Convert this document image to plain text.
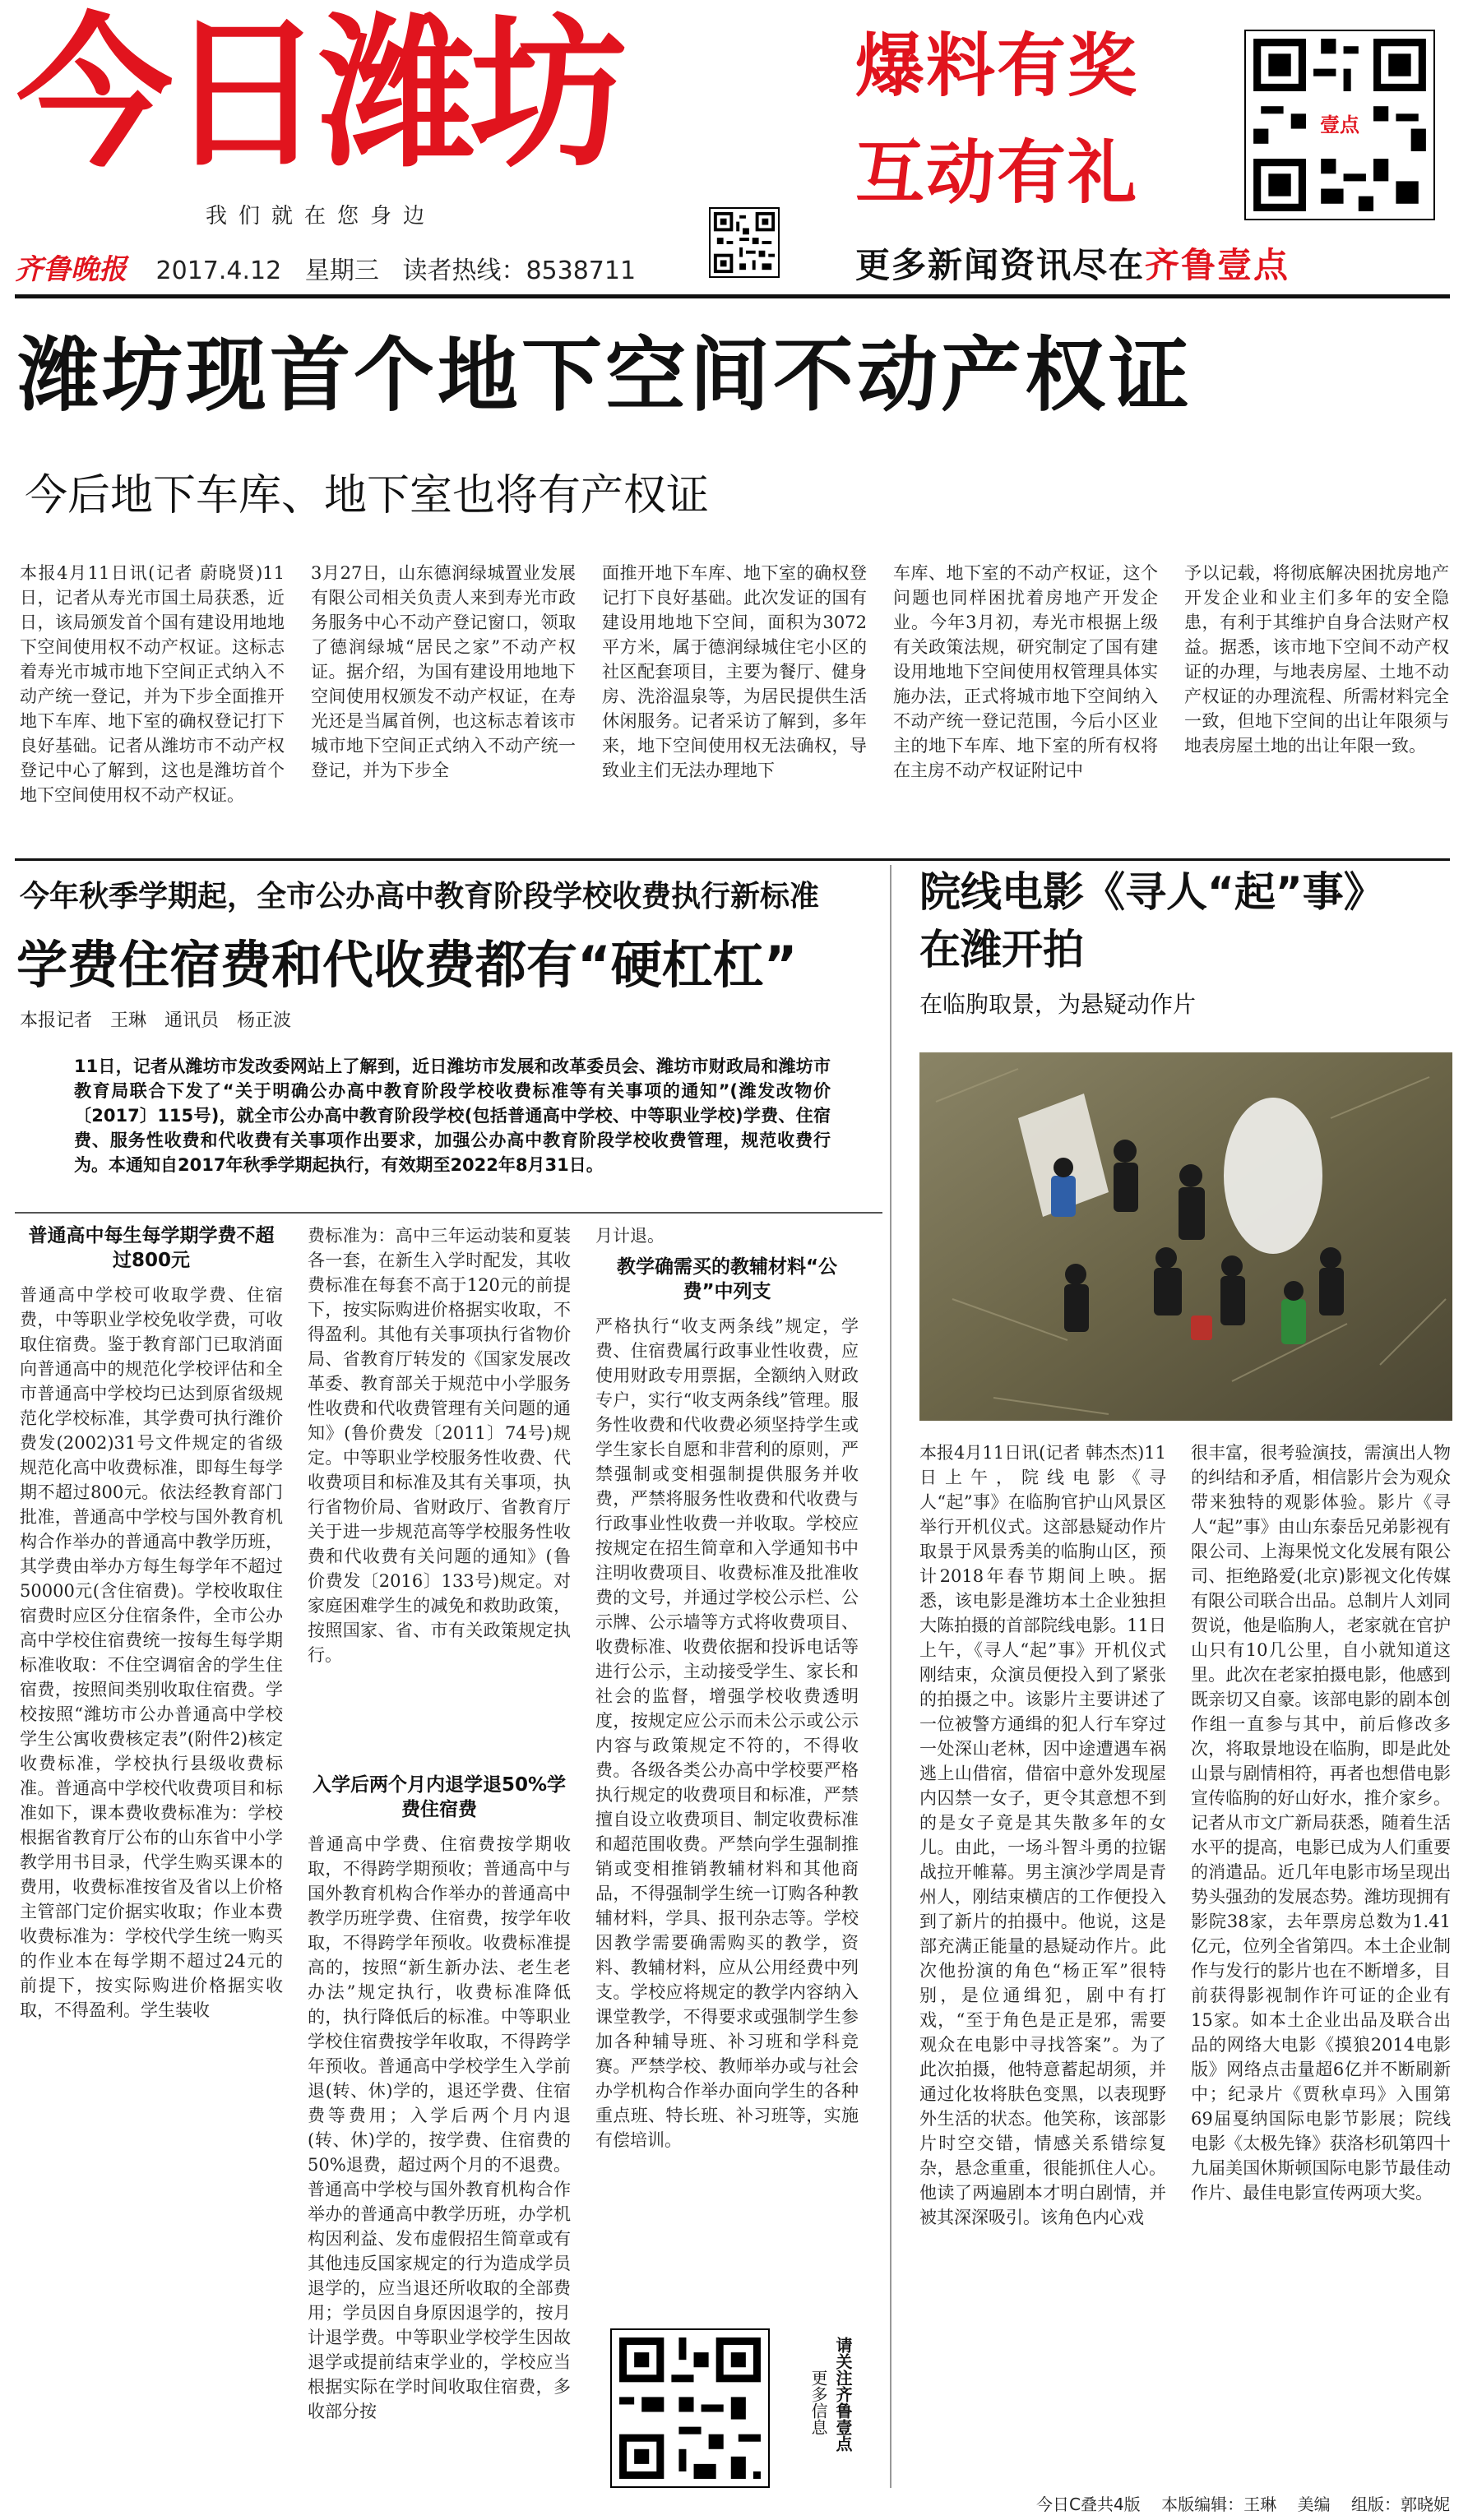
今日潍坊
我们就在您身边
齐鲁晚报 2017.4.12 星期三 读者热线：8538711
爆料有奖
互动有礼
更多新闻资讯尽在齐鲁壹点
壹点
潍坊现首个地下空间不动产权证
今后地下车库、地下室也将有产权证
本报4月11日讯(记者 蔚晓贤)11日，记者从寿光市国土局获悉，近日，该局颁发首个国有建设用地地下空间使用权不动产权证。这标志着寿光市城市地下空间正式纳入不动产统一登记，并为下步全面推开地下车库、地下室的确权登记打下良好基础。记者从潍坊市不动产权登记中心了解到，这也是潍坊首个地下空间使用权不动产权证。
3月27日，山东德润绿城置业发展有限公司相关负责人来到寿光市政务服务中心不动产登记窗口，领取了德润绿城“居民之家”不动产权证。据介绍，为国有建设用地地下空间使用权颁发不动产权证，在寿光还是当属首例，也这标志着该市城市地下空间正式纳入不动产统一登记，并为下步全
面推开地下车库、地下室的确权登记打下良好基础。此次发证的国有建设用地地下空间，面积为3072平方米，属于德润绿城住宅小区的社区配套项目，主要为餐厅、健身房、洗浴温泉等，为居民提供生活休闲服务。记者采访了解到，多年来，地下空间使用权无法确权，导致业主们无法办理地下
车库、地下室的不动产权证，这个问题也同样困扰着房地产开发企业。今年3月初，寿光市根据上级有关政策法规，研究制定了国有建设用地地下空间使用权管理具体实施办法，正式将城市地下空间纳入不动产统一登记范围，今后小区业主的地下车库、地下室的所有权将在主房不动产权证附记中
予以记载，将彻底解决困扰房地产开发企业和业主们多年的安全隐患，有利于其维护自身合法财产权益。据悉，该市地下空间不动产权证的办理，与地表房屋、土地不动产权证的办理流程、所需材料完全一致，但地下空间的出让年限须与地表房屋土地的出让年限一致。
今年秋季学期起，全市公办高中教育阶段学校收费执行新标准
学费住宿费和代收费都有“硬杠杠”
本报记者　王琳　通讯员　杨正波
11日，记者从潍坊市发改委网站上了解到，近日潍坊市发展和改革委员会、潍坊市财政局和潍坊市教育局联合下发了“关于明确公办高中教育阶段学校收费标准等有关事项的通知”(潍发改物价〔2017〕115号)，就全市公办高中教育阶段学校(包括普通高中学校、中等职业学校)学费、住宿费、服务性收费和代收费有关事项作出要求，加强公办高中教育阶段学校收费管理，规范收费行为。本通知自2017年秋季学期起执行，有效期至2022年8月31日。
普通高中每生每学期学费不超过800元
普通高中学校可收取学费、住宿费，中等职业学校免收学费，可收取住宿费。鉴于教育部门已取消面向普通高中的规范化学校评估和全市普通高中学校均已达到原省级规范化学校标准，其学费可执行潍价费发(2002)31号文件规定的省级规范化高中收费标准，即每生每学期不超过800元。依法经教育部门批准，普通高中学校与国外教育机构合作举办的普通高中教学历班，其学费由举办方每生每学年不超过50000元(含住宿费)。学校收取住宿费时应区分住宿条件，全市公办高中学校住宿费统一按每生每学期标准收取：不住空调宿舍的学生住宿费，按照间类别收取住宿费。学校按照“潍坊市公办普通高中学校学生公寓收费核定表”(附件2)核定收费标准，学校执行县级收费标准。普通高中学校代收费项目和标准如下，课本费收费标准为：学校根据省教育厅公布的山东省中小学教学用书目录，代学生购买课本的费用，收费标准按省及省以上价格主管部门定价据实收取；作业本费收费标准为：学校代学生统一购买的作业本在每学期不超过24元的前提下，按实际购进价格据实收取，不得盈利。学生装收
费标准为：高中三年运动装和夏装各一套，在新生入学时配发，其收费标准在每套不高于120元的前提下，按实际购进价格据实收取，不得盈利。其他有关事项执行省物价局、省教育厅转发的《国家发展改革委、教育部关于规范中小学服务性收费和代收费管理有关问题的通知》(鲁价费发〔2011〕74号)规定。中等职业学校服务性收费、代收费项目和标准及其有关事项，执行省物价局、省财政厅、省教育厅关于进一步规范高等学校服务性收费和代收费有关问题的通知》(鲁价费发〔2016〕133号)规定。对家庭困难学生的减免和救助政策，按照国家、省、市有关政策规定执行。
入学后两个月内退学退50%学费住宿费
普通高中学费、住宿费按学期收取，不得跨学期预收；普通高中与国外教育机构合作举办的普通高中教学历班学费、住宿费，按学年收取，不得跨学年预收。收费标准提高的，按照“新生新办法、老生老办法”规定执行，收费标准降低的，执行降低后的标准。中等职业学校住宿费按学年收取，不得跨学年预收。普通高中学校学生入学前退(转、休)学的，退还学费、住宿费等费用；入学后两个月内退(转、休)学的，按学费、住宿费的50%退费，超过两个月的不退费。普通高中学校与国外教育机构合作举办的普通高中教学历班，办学机构因利益、发布虚假招生简章或有其他违反国家规定的行为造成学员退学的，应当退还所收取的全部费用；学员因自身原因退学的，按月计退学费。中等职业学校学生因故退学或提前结束学业的，学校应当根据实际在学时间收取住宿费，多收部分按
月计退。
教学确需买的教辅材料“公费”中列支
严格执行“收支两条线”规定，学费、住宿费属行政事业性收费，应使用财政专用票据，全额纳入财政专户，实行“收支两条线”管理。服务性收费和代收费必须坚持学生或学生家长自愿和非营利的原则，严禁强制或变相强制提供服务并收费，严禁将服务性收费和代收费与行政事业性收费一并收取。学校应按规定在招生简章和入学通知书中注明收费项目、收费标准及批准收费的文号，并通过学校公示栏、公示牌、公示墙等方式将收费项目、收费标准、收费依据和投诉电话等进行公示，主动接受学生、家长和社会的监督，增强学校收费透明度，按规定应公示而未公示或公示内容与政策规定不符的，不得收费。各级各类公办高中学校要严格执行规定的收费项目和标准，严禁擅自设立收费项目、制定收费标准和超范围收费。严禁向学生强制推销或变相推销教辅材料和其他商品，不得强制学生统一订购各种教辅材料，学具、报刊杂志等。学校因教学需要确需购买的教学，资料、教辅材料，应从公用经费中列支。学校应将规定的教学内容纳入课堂教学，不得要求或强制学生参加各种辅导班、补习班和学科竞赛。严禁学校、教师举办或与社会办学机构合作举办面向学生的各种重点班、特长班、补习班等，实施有偿培训。
请关注齐鲁壹点
更多信息
院线电影《寻人“起”事》
在潍开拍
在临朐取景，为悬疑动作片
本报4月11日讯(记者 韩杰杰)11日上午，院线电影《寻人“起”事》在临朐官护山风景区举行开机仪式。这部悬疑动作片取景于风景秀美的临朐山区，预计2018年春节期间上映。据悉，该电影是潍坊本土企业独担大陈拍摄的首部院线电影。11日上午，《寻人“起”事》开机仪式刚结束，众演员便投入到了紧张的拍摄之中。该影片主要讲述了一位被警方通缉的犯人行车穿过一处深山老林，因中途遭遇车祸逃上山借宿，借宿中意外发现屋内囚禁一女子，更令其意想不到的是女子竟是其失散多年的女儿。由此，一场斗智斗勇的拉锯战拉开帷幕。男主演沙学周是青州人，刚结束横店的工作便投入到了新片的拍摄中。他说，这是部充满正能量的悬疑动作片。此次他扮演的角色“杨正军”很特别，是位通缉犯，剧中有打戏，“至于角色是正是邪，需要观众在电影中寻找答案”。为了此次拍摄，他特意蓄起胡须，并通过化妆将肤色变黑，以表现野外生活的状态。他笑称，该部影片时空交错，情感关系错综复杂，悬念重重，很能抓住人心。他读了两遍剧本才明白剧情，并被其深深吸引。该角色内心戏
很丰富，很考验演技，需演出人物的纠结和矛盾，相信影片会为观众带来独特的观影体验。影片《寻人“起”事》由山东泰岳兄弟影视有限公司、上海果悦文化发展有限公司、拒绝路爱(北京)影视文化传媒有限公司联合出品。总制片人刘同贺说，他是临朐人，老家就在官护山只有10几公里，自小就知道这里。此次在老家拍摄电影，他感到既亲切又自豪。该部电影的剧本创作组一直参与其中，前后修改多次，将取景地设在临朐，即是此处山景与剧情相符，再者也想借电影宣传临朐的好山好水，推介家乡。记者从市文广新局获悉，随着生活水平的提高，电影已成为人们重要的消遣品。近几年电影市场呈现出势头强劲的发展态势。潍坊现拥有影院38家，去年票房总数为1.41亿元，位列全省第四。本土企业制作与发行的影片也在不断增多，目前获得影视制作许可证的企业有15家。如本土企业出品及联合出品的网络大电影《摸狼2014电影版》网络点击量超6亿并不断刷新中；纪录片《贾秋卓玛》入围第69届戛纳国际电影节影展；院线电影《太极先锋》获洛杉矶第四十九届美国休斯顿国际电影节最佳动作片、最佳电影宣传两项大奖。
今日C叠共4版 本版编辑：王琳 美编 组版：郭晓妮
